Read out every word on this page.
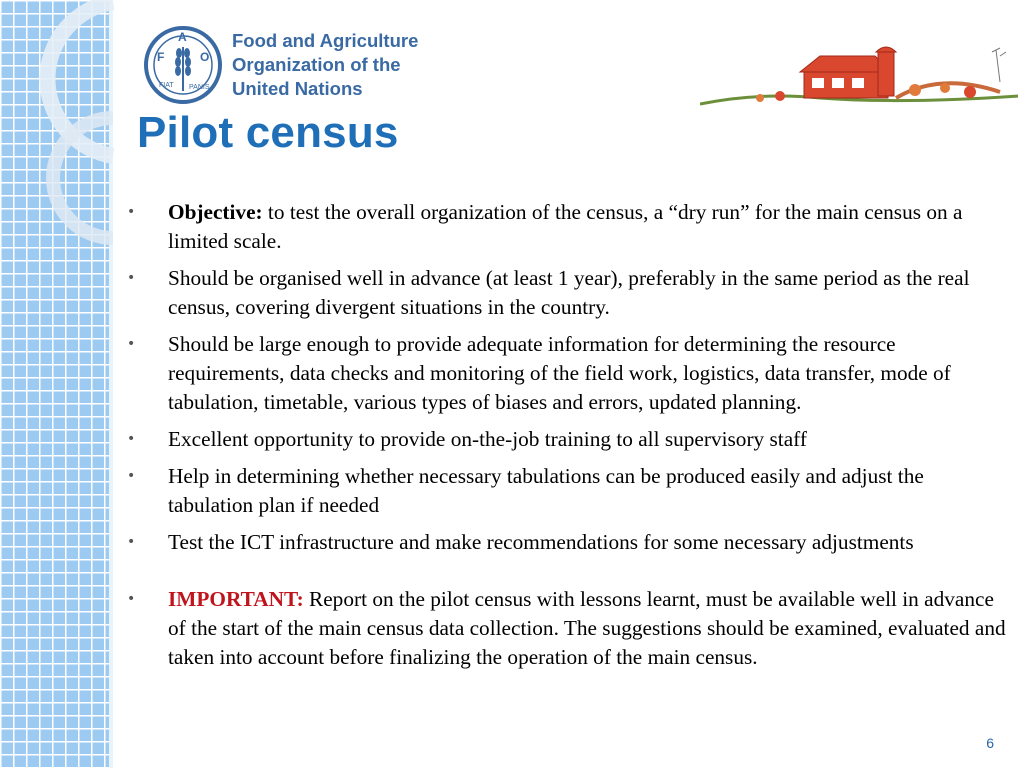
F
A
O
FIAT PANIS
Food and Agriculture
Organization of the
United Nations
Pilot census
• Objective: to test the overall organization of the census, a “dry run” for the main census on a limited scale.
• Should be organised well in advance (at least 1 year), preferably in the same period as the real census, covering divergent situations in the country.
• Should be large enough to provide adequate information for determining the resource requirements, data checks and monitoring of the field work, logistics, data transfer, mode of tabulation, timetable, various types of biases and errors, updated planning.
• Excellent opportunity to provide on-the-job training to all supervisory staff
• Help in determining whether necessary tabulations can be produced easily and adjust the tabulation plan if needed
• Test the ICT infrastructure and make recommendations for some necessary adjustments
• IMPORTANT: Report on the pilot census with lessons learnt, must be available well in advance of the start of the main census data collection. The suggestions should be examined, evaluated and taken into account before finalizing the operation of the main census.
6
